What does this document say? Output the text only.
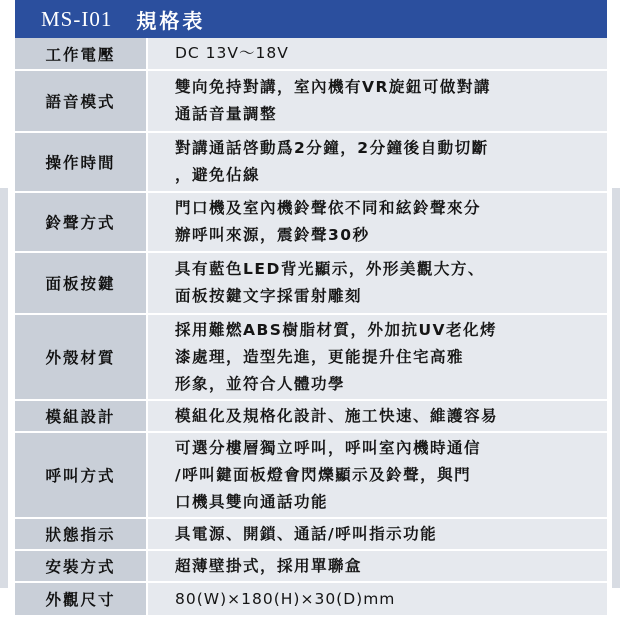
MS-I01 規格表
工作電壓	DC 13V～18V
語音模式	雙向免持對講，室內機有VR旋鈕可做對講
通話音量調整
操作時間	對講通話啓動爲2分鐘，2分鐘後自動切斷
，避免佔線
鈴聲方式	門口機及室內機鈴聲依不同和絃鈴聲來分
辦呼叫來源，震鈴聲30秒
面板按鍵	具有藍色LED背光顯示，外形美觀大方、
面板按鍵文字採雷射雕刻
外殼材質	採用難燃ABS樹脂材質，外加抗UV老化烤
漆處理，造型先進，更能提升住宅高雅
形象，並符合人體功學
模組設計	模組化及規格化設計、施工快速、維護容易
呼叫方式	可選分樓層獨立呼叫，呼叫室內機時通信
/呼叫鍵面板燈會閃爍顯示及鈴聲，與門
口機具雙向通話功能
狀態指示	具電源、開鎖、通話/呼叫指示功能
安裝方式	超薄壁掛式，採用單聯盒
外觀尺寸	80(W)×180(H)×30(D)mm
